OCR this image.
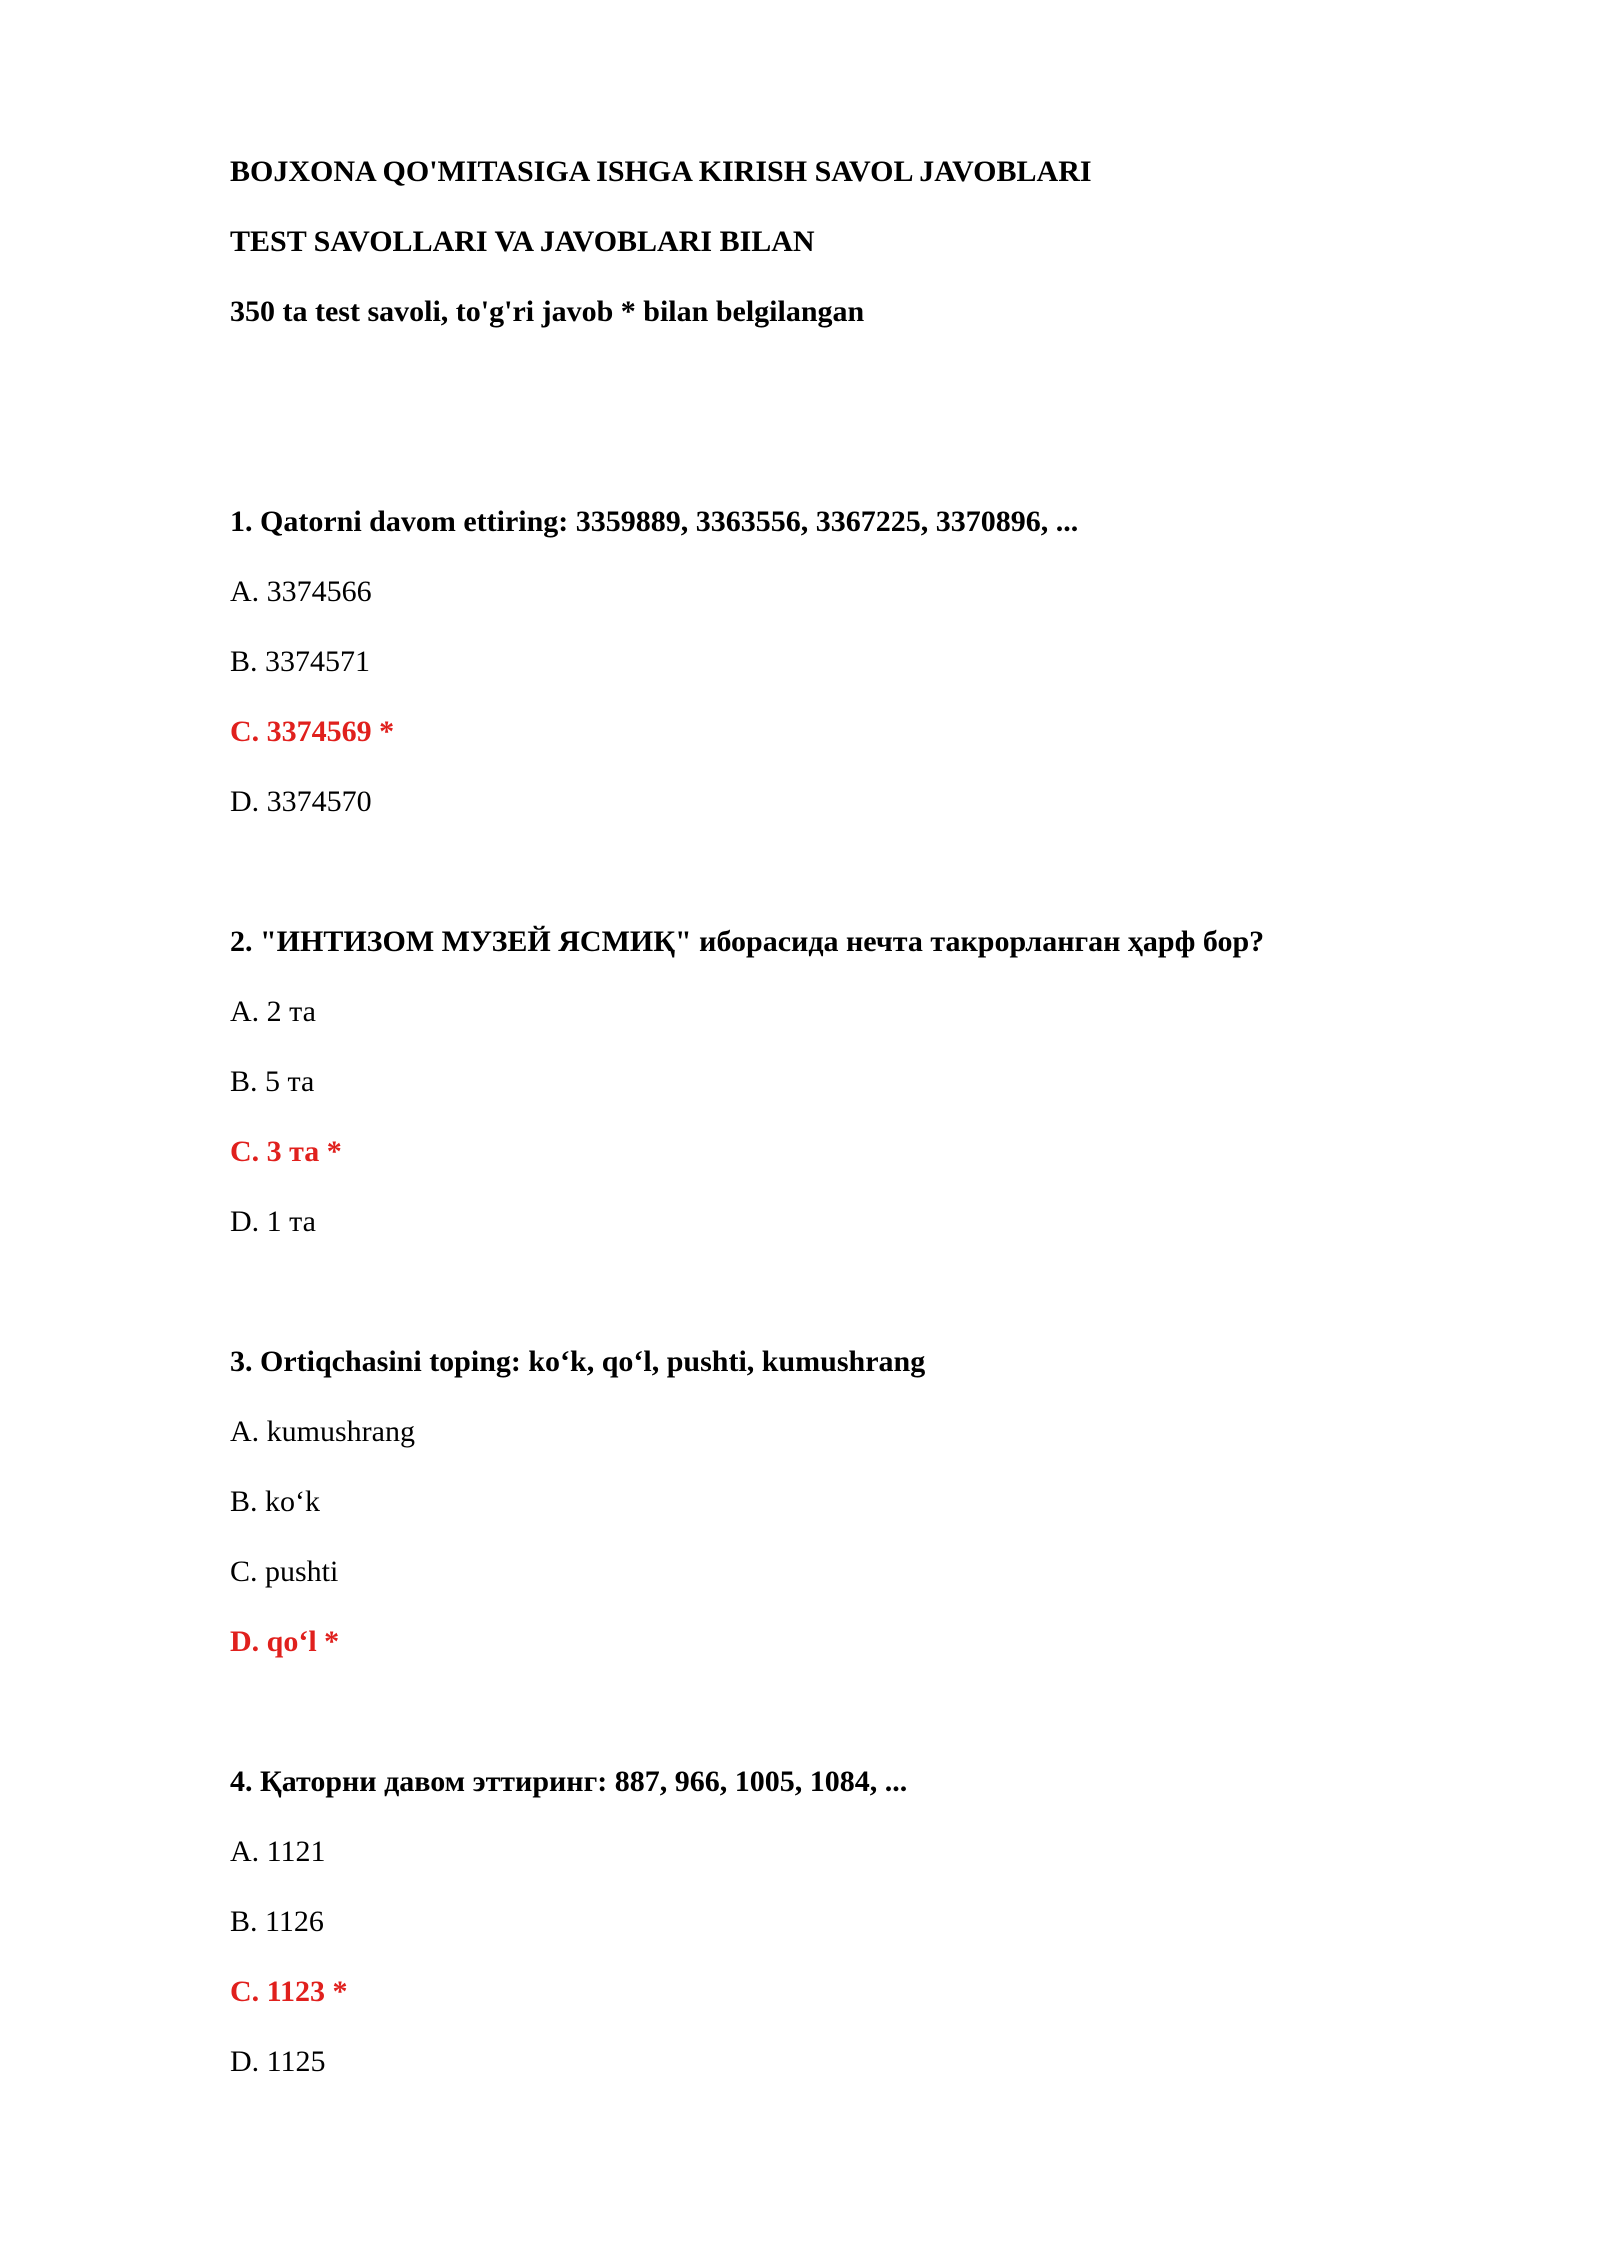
BOJXONA QO'MITASIGA ISHGA KIRISH SAVOL JAVOBLARI

TEST SAVOLLARI VA JAVOBLARI BILAN

350 ta test savoli, to'g'ri javob * bilan belgilangan

1. Qatorni davom ettiring: 3359889, 3363556, 3367225, 3370896, ...

A. 3374566

B. 3374571

C. 3374569 *

D. 3374570

2. "ИНТИЗОМ МУЗЕЙ ЯСМИҚ" иборасида нечта такрорланган ҳарф бор?

A. 2 та

B. 5 та

C. 3 та *

D. 1 та

3. Ortiqchasini toping: ko‘k, qo‘l, pushti, kumushrang

A. kumushrang

B. ko‘k

C. pushti

D. qo‘l *

4. Қаторни давом эттиринг: 887, 966, 1005, 1084, ...

A. 1121

B. 1126

C. 1123 *

D. 1125
